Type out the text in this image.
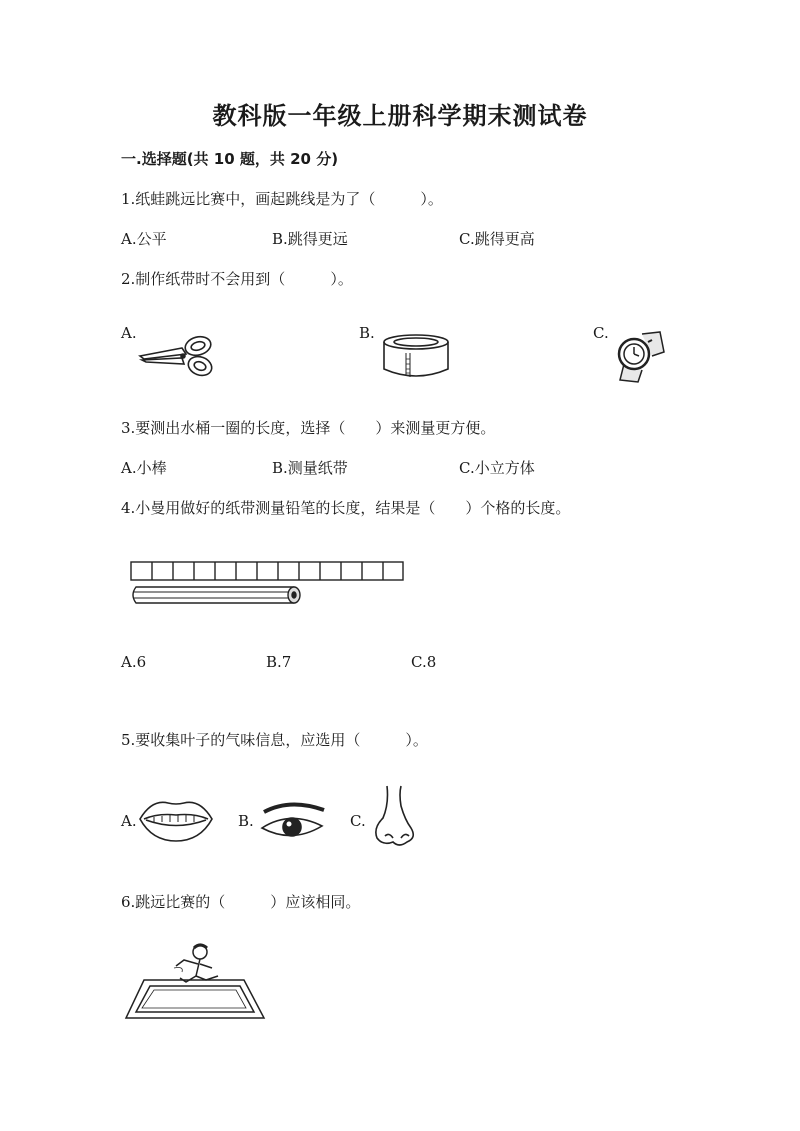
教科版一年级上册科学期末测试卷
一.选择题(共 10 题，共 20 分)
1.纸蛙跳远比赛中，画起跳线是为了（　　　）。
A.公平	B.跳得更远	C.跳得更高
2.制作纸带时不会用到（　　　）。
A.	B.	C.
3.要测出水桶一圈的长度，选择（　　）来测量更方便。
A.小棒	B.测量纸带	C.小立方体
4.小曼用做好的纸带测量铅笔的长度，结果是（　　）个格的长度。
A.6	B.7	C.8
5.要收集叶子的气味信息，应选用（　　　）。
A.	B.	C.
6.跳远比赛的（　　　）应该相同。
